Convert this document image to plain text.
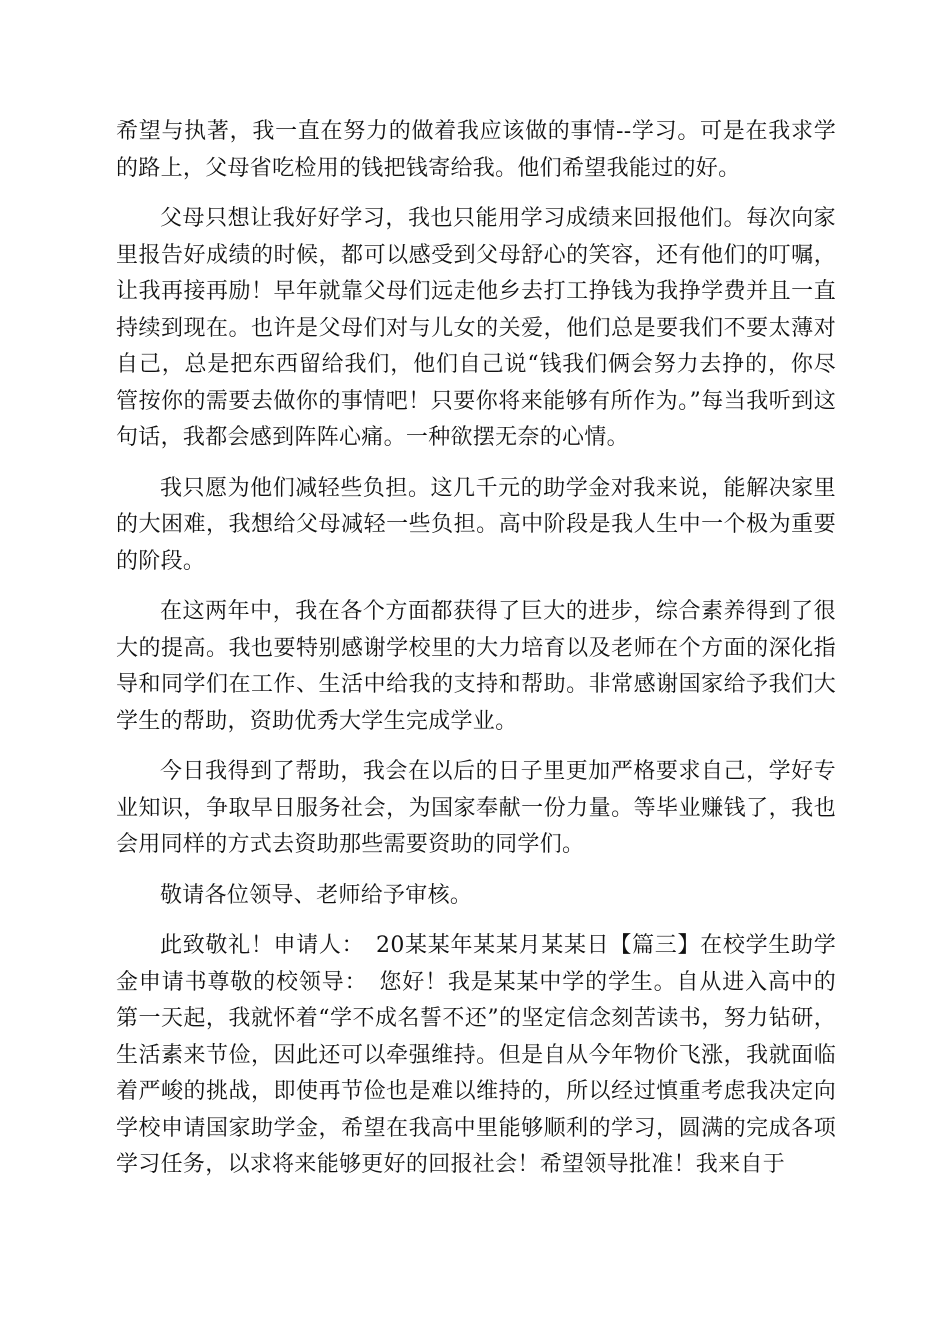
希望与执著，我一直在努力的做着我应该做的事情--学习。可是在我求学的路上，父母省吃检用的钱把钱寄给我。他们希望我能过的好。

父母只想让我好好学习，我也只能用学习成绩来回报他们。每次向家里报告好成绩的时候，都可以感受到父母舒心的笑容，还有他们的叮嘱，让我再接再励！早年就靠父母们远走他乡去打工挣钱为我挣学费并且一直持续到现在。也许是父母们对与儿女的关爱，他们总是要我们不要太薄对自己，总是把东西留给我们，他们自己说“钱我们俩会努力去挣的，你尽管按你的需要去做你的事情吧！只要你将来能够有所作为。”每当我听到这句话，我都会感到阵阵心痛。一种欲摆无奈的心情。

我只愿为他们减轻些负担。这几千元的助学金对我来说，能解决家里的大困难，我想给父母减轻一些负担。高中阶段是我人生中一个极为重要的阶段。

在这两年中，我在各个方面都获得了巨大的进步，综合素养得到了很大的提高。我也要特别感谢学校里的大力培育以及老师在个方面的深化指导和同学们在工作、生活中给我的支持和帮助。非常感谢国家给予我们大学生的帮助，资助优秀大学生完成学业。

今日我得到了帮助，我会在以后的日子里更加严格要求自己，学好专业知识，争取早日服务社会，为国家奉献一份力量。等毕业赚钱了，我也会用同样的方式去资助那些需要资助的同学们。

敬请各位领导、老师给予审核。

此致敬礼！申请人：　20某某年某某月某某日【篇三】在校学生助学金申请书尊敬的校领导：　您好！我是某某中学的学生。自从进入高中的第一天起，我就怀着“学不成名誓不还”的坚定信念刻苦读书，努力钻研，生活素来节俭，因此还可以牵强维持。但是自从今年物价飞涨，我就面临着严峻的挑战，即使再节俭也是难以维持的，所以经过慎重考虑我决定向学校申请国家助学金，希望在我高中里能够顺利的学习，圆满的完成各项学习任务，以求将来能够更好的回报社会！希望领导批准！我来自于
